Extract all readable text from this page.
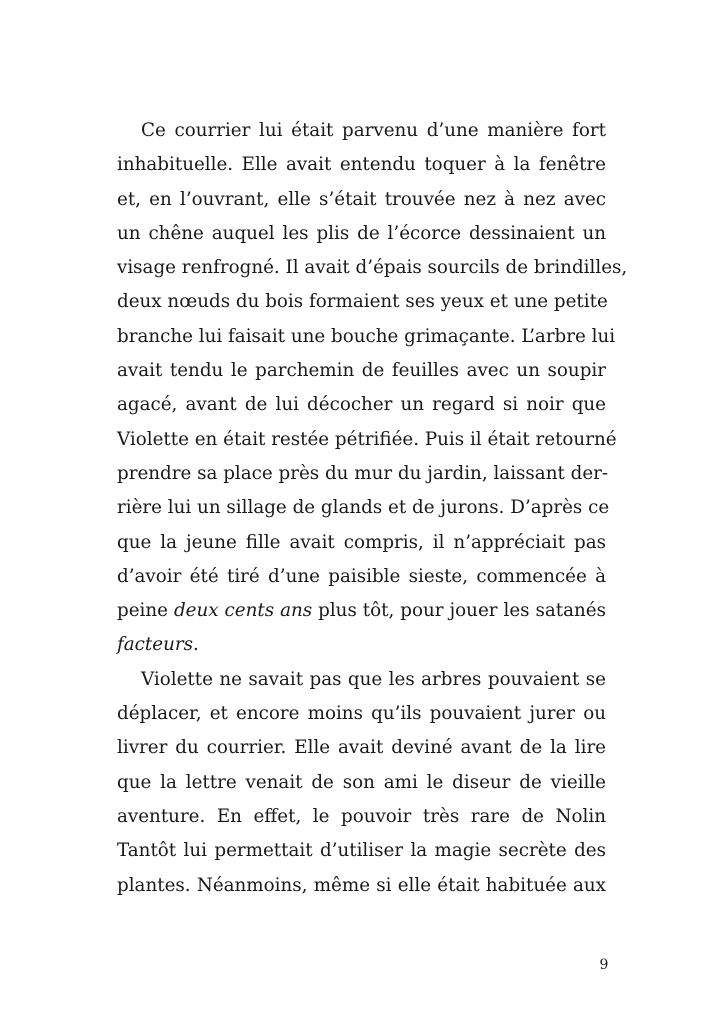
Ce courrier lui était parvenu d’une manière fort
inhabituelle. Elle avait entendu toquer à la fenêtre
et, en l’ouvrant, elle s’était trouvée nez à nez avec
un chêne auquel les plis de l’écorce dessinaient un
visage renfrogné. Il avait d’épais sourcils de brindilles,
deux nœuds du bois formaient ses yeux et une petite
branche lui faisait une bouche grimaçante. L’arbre lui
avait tendu le parchemin de feuilles avec un soupir
agacé, avant de lui décocher un regard si noir que
Violette en était restée pétrifiée. Puis il était retourné
prendre sa place près du mur du jardin, laissant der-
rière lui un sillage de glands et de jurons. D’après ce
que la jeune fille avait compris, il n’appréciait pas
d’avoir été tiré d’une paisible sieste, commencée à
peine deux cents ans plus tôt, pour jouer les satanés
facteurs.
Violette ne savait pas que les arbres pouvaient se
déplacer, et encore moins qu’ils pouvaient jurer ou
livrer du courrier. Elle avait deviné avant de la lire
que la lettre venait de son ami le diseur de vieille
aventure. En effet, le pouvoir très rare de Nolin
Tantôt lui permettait d’utiliser la magie secrète des
plantes. Néanmoins, même si elle était habituée aux
9
